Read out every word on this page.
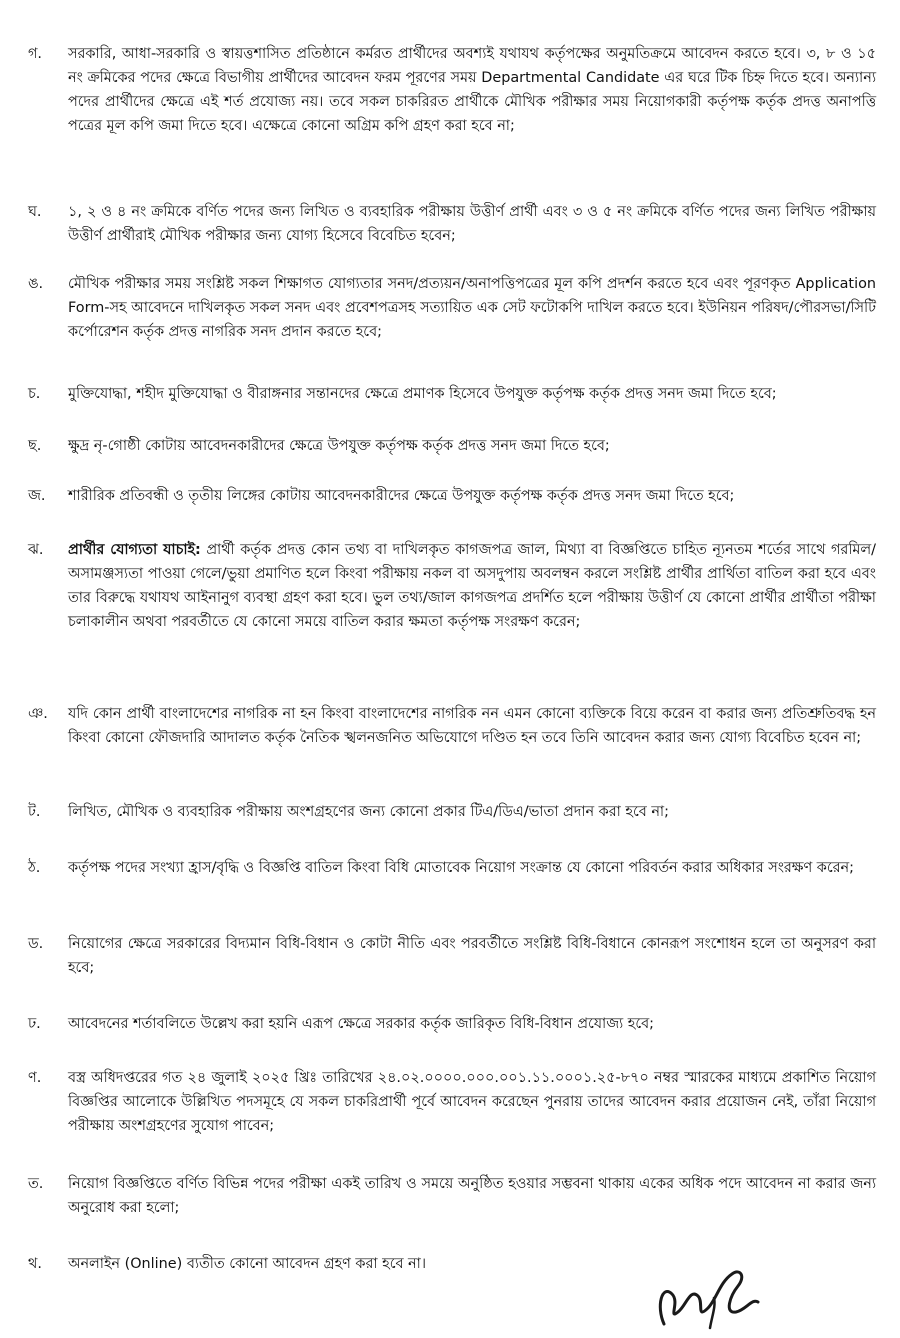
গ.	সরকারি, আধা-সরকারি ও স্বায়ত্তশাসিত প্রতিষ্ঠানে কর্মরত প্রার্থীদের অবশ্যই যথাযথ কর্তৃপক্ষের অনুমতিক্রমে আবেদন করতে হবে। ৩, ৮ ও ১৫ নং ক্রমিকের পদের ক্ষেত্রে বিভাগীয় প্রার্থীদের আবেদন ফরম পূরণের সময় Departmental Candidate এর ঘরে টিক চিহ্ন দিতে হবে। অন্যান্য পদের প্রার্থীদের ক্ষেত্রে এই শর্ত প্রযোজ্য নয়। তবে সকল চাকরিরত প্রার্থীকে মৌখিক পরীক্ষার সময় নিয়োগকারী কর্তৃপক্ষ কর্তৃক প্রদত্ত অনাপত্তি পত্রের মূল কপি জমা দিতে হবে। এক্ষেত্রে কোনো অগ্রিম কপি গ্রহণ করা হবে না;
ঘ.	১, ২ ও ৪ নং ক্রমিকে বর্ণিত পদের জন্য লিখিত ও ব্যবহারিক পরীক্ষায় উত্তীর্ণ প্রার্থী এবং ৩ ও ৫ নং ক্রমিকে বর্ণিত পদের জন্য লিখিত পরীক্ষায় উত্তীর্ণ প্রার্থীরাই মৌখিক পরীক্ষার জন্য যোগ্য হিসেবে বিবেচিত হবেন;
ঙ.	মৌখিক পরীক্ষার সময় সংশ্লিষ্ট সকল শিক্ষাগত যোগ্যতার সনদ/প্রত্যয়ন/অনাপত্তিপত্রের মূল কপি প্রদর্শন করতে হবে এবং পূরণকৃত Application Form-সহ আবেদনে দাখিলকৃত সকল সনদ এবং প্রবেশপত্রসহ সত্যায়িত এক সেট ফটোকপি দাখিল করতে হবে। ইউনিয়ন পরিষদ/পৌরসভা/সিটি কর্পোরেশন কর্তৃক প্রদত্ত নাগরিক সনদ প্রদান করতে হবে;
চ.	মুক্তিযোদ্ধা, শহীদ মুক্তিযোদ্ধা ও বীরাঙ্গনার সন্তানদের ক্ষেত্রে প্রমাণক হিসেবে উপযুক্ত কর্তৃপক্ষ কর্তৃক প্রদত্ত সনদ জমা দিতে হবে;
ছ.	ক্ষুদ্র নৃ-গোষ্ঠী কোটায় আবেদনকারীদের ক্ষেত্রে উপযুক্ত কর্তৃপক্ষ কর্তৃক প্রদত্ত সনদ জমা দিতে হবে;
জ.	শারীরিক প্রতিবন্ধী ও তৃতীয় লিঙ্গের কোটায় আবেদনকারীদের ক্ষেত্রে উপযুক্ত কর্তৃপক্ষ কর্তৃক প্রদত্ত সনদ জমা দিতে হবে;
ঝ.	প্রার্থীর যোগ্যতা যাচাই: প্রার্থী কর্তৃক প্রদত্ত কোন তথ্য বা দাখিলকৃত কাগজপত্র জাল, মিথ্যা বা বিজ্ঞপ্তিতে চাহিত ন্যূনতম শর্তের সাথে গরমিল/অসামঞ্জস্যতা পাওয়া গেলে/ভুয়া প্রমাণিত হলে কিংবা পরীক্ষায় নকল বা অসদুপায় অবলম্বন করলে সংশ্লিষ্ট প্রার্থীর প্রার্থিতা বাতিল করা হবে এবং তার বিরুদ্ধে যথাযথ আইনানুগ ব্যবস্থা গ্রহণ করা হবে। ভুল তথ্য/জাল কাগজপত্র প্রদর্শিত হলে পরীক্ষায় উত্তীর্ণ যে কোনো প্রার্থীর প্রার্থীতা পরীক্ষা চলাকালীন অথবা পরবর্তীতে যে কোনো সময়ে বাতিল করার ক্ষমতা কর্তৃপক্ষ সংরক্ষণ করেন;
ঞ.	যদি কোন প্রার্থী বাংলাদেশের নাগরিক না হন কিংবা বাংলাদেশের নাগরিক নন এমন কোনো ব্যক্তিকে বিয়ে করেন বা করার জন্য প্রতিশ্রুতিবদ্ধ হন কিংবা কোনো ফৌজদারি আদালত কর্তৃক নৈতিক স্খলনজনিত অভিযোগে দণ্ডিত হন তবে তিনি আবেদন করার জন্য যোগ্য বিবেচিত হবেন না;
ট.	লিখিত, মৌখিক ও ব্যবহারিক পরীক্ষায় অংশগ্রহণের জন্য কোনো প্রকার টিএ/ডিএ/ভাতা প্রদান করা হবে না;
ঠ.	কর্তৃপক্ষ পদের সংখ্যা হ্রাস/বৃদ্ধি ও বিজ্ঞপ্তি বাতিল কিংবা বিধি মোতাবেক নিয়োগ সংক্রান্ত যে কোনো পরিবর্তন করার অধিকার সংরক্ষণ করেন;
ড.	নিয়োগের ক্ষেত্রে সরকারের বিদ্যমান বিধি-বিধান ও কোটা নীতি এবং পরবর্তীতে সংশ্লিষ্ট বিধি-বিধানে কোনরূপ সংশোধন হলে তা অনুসরণ করা হবে;
ঢ.	আবেদনের শর্তাবলিতে উল্লেখ করা হয়নি এরূপ ক্ষেত্রে সরকার কর্তৃক জারিকৃত বিধি-বিধান প্রযোজ্য হবে;
ণ.	বস্ত্র অধিদপ্তরের গত ২৪ জুলাই ২০২৫ খ্রিঃ তারিখের ২৪.০২.০০০০.০০০.০০১.১১.০০০১.২৫-৮৭০ নম্বর স্মারকের মাধ্যমে প্রকাশিত নিয়োগ বিজ্ঞপ্তির আলোকে উল্লিখিত পদসমূহে যে সকল চাকরিপ্রার্থী পূর্বে আবেদন করেছেন পুনরায় তাদের আবেদন করার প্রয়োজন নেই, তাঁরা নিয়োগ পরীক্ষায় অংশগ্রহণের সুযোগ পাবেন;
ত.	নিয়োগ বিজ্ঞপ্তিতে বর্ণিত বিভিন্ন পদের পরীক্ষা একই তারিখ ও সময়ে অনুষ্ঠিত হওয়ার সম্ভবনা থাকায় একের অধিক পদে আবেদন না করার জন্য অনুরোধ করা হলো;
থ.	অনলাইন (Online) ব্যতীত কোনো আবেদন গ্রহণ করা হবে না।
